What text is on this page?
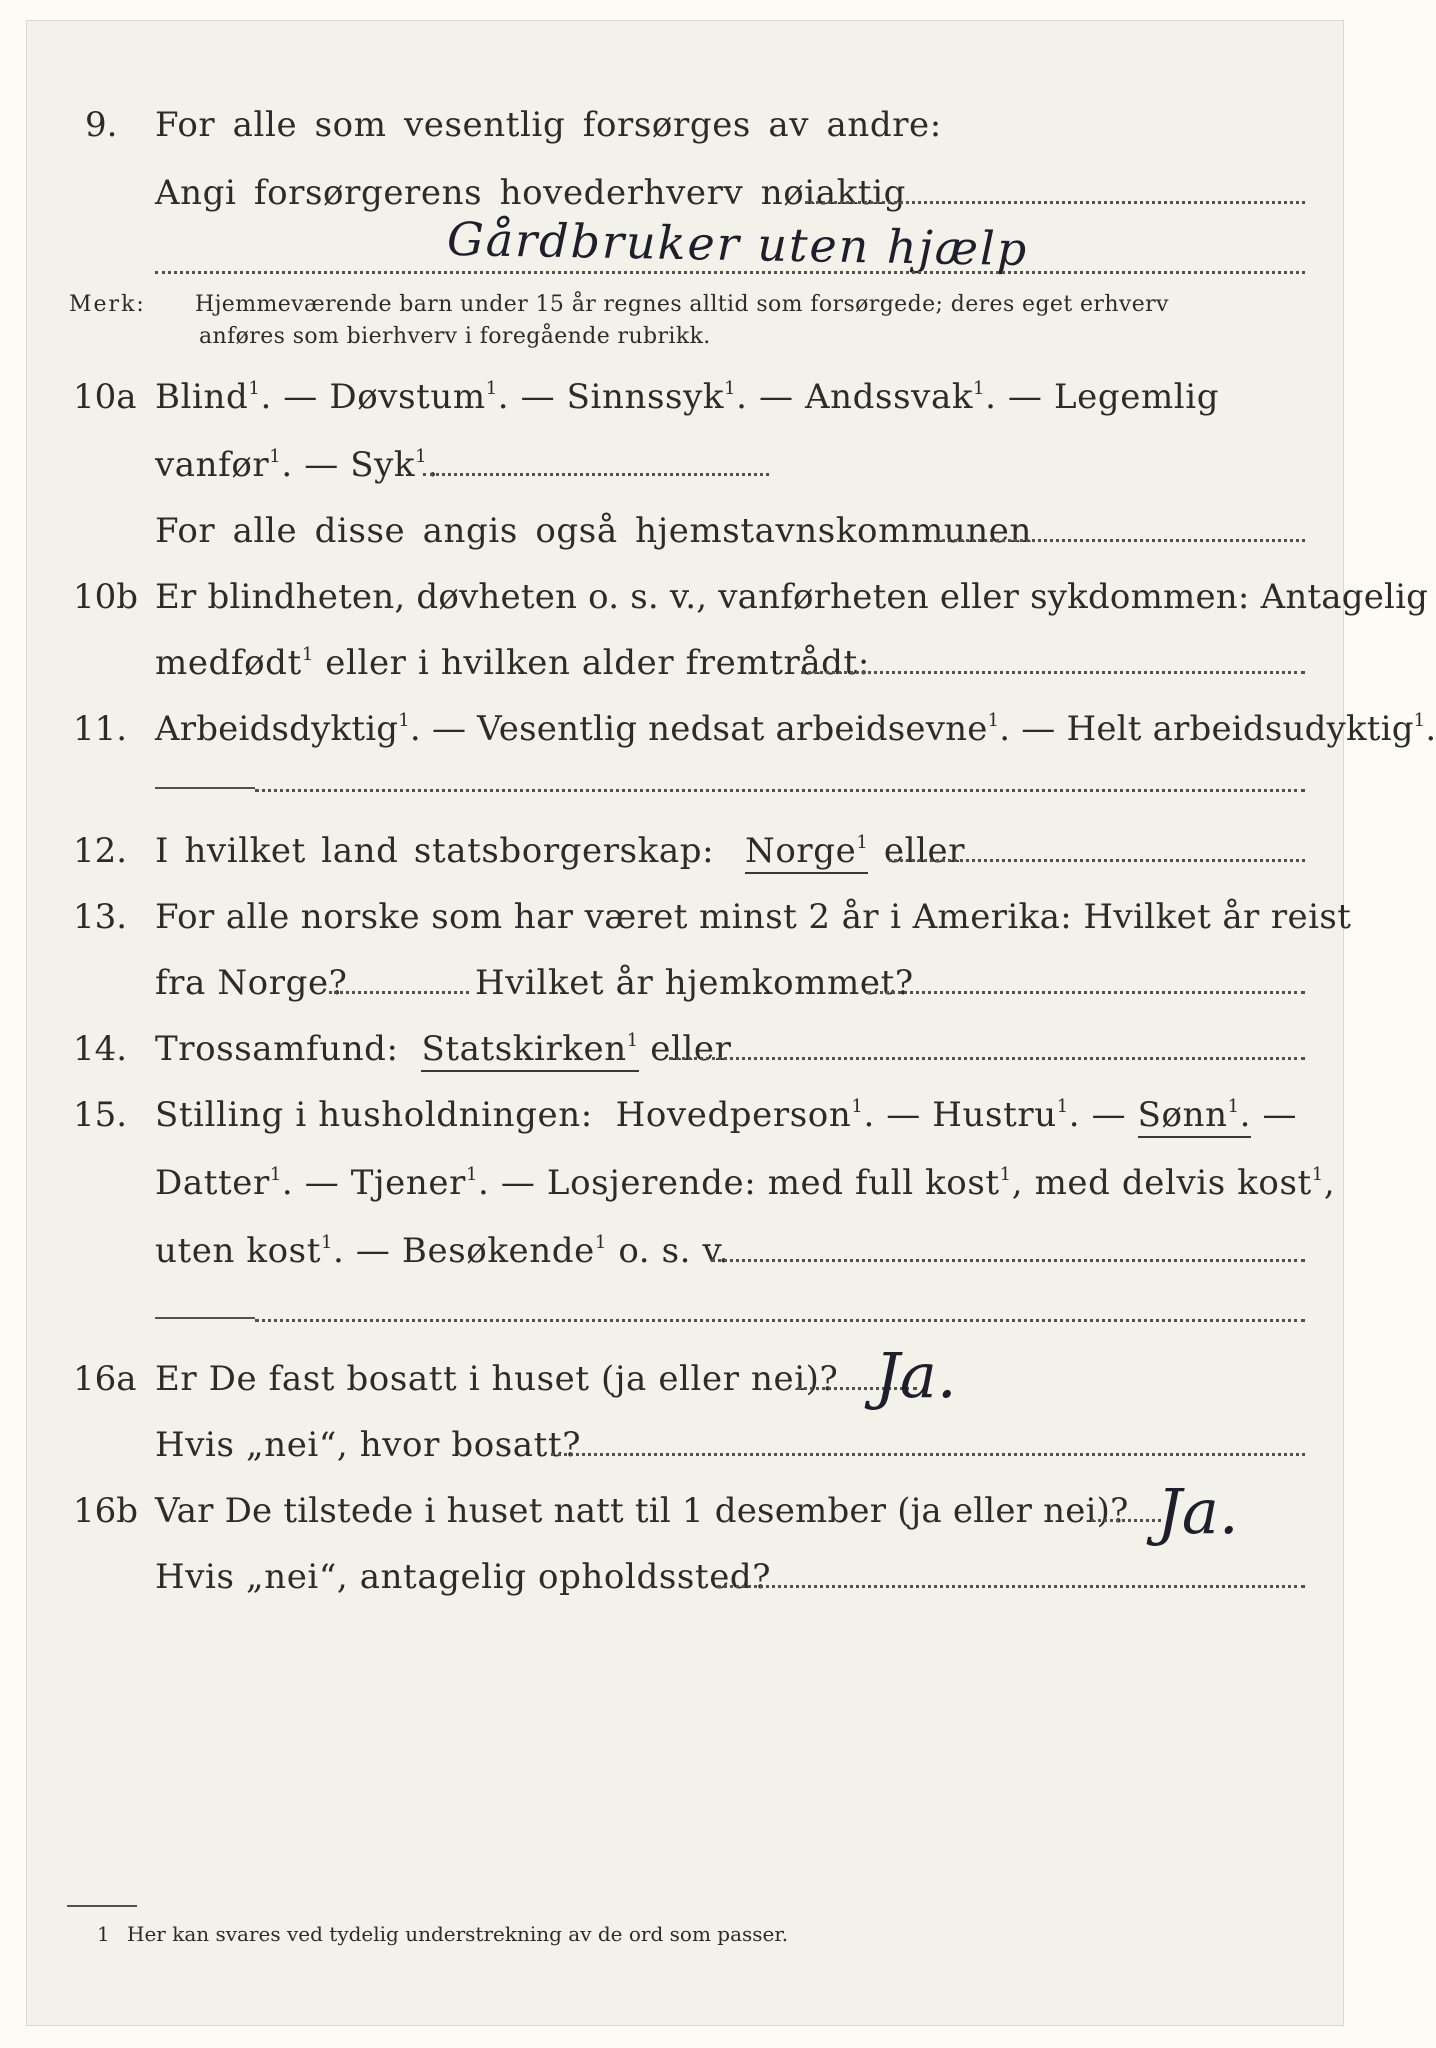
9. For alle som vesentlig forsørges av andre:
Angi forsørgerens hovederhverv nøiaktig
Gårdbruker uten hjælp
Merk: Hjemmeværende barn under 15 år regnes alltid som forsørgede; deres eget erhverv
anføres som bierhverv i foregående rubrikk.
10a Blind$^1$. — Døvstum$^1$. — Sinnssyk$^1$. — Andssvak$^1$. — Legemlig
vanfør$^1$. — Syk$^1$.
For alle disse angis også hjemstavnskommunen
10b Er blindheten, døvheten o. s. v., vanførheten eller sykdommen: Antagelig
medfødt$^1$ eller i hvilken alder fremtrådt:
11. Arbeidsdyktig$^1$. — Vesentlig nedsat arbeidsevne$^1$. — Helt arbeidsudyktig$^1$.
12. I hvilket land statsborgerskap: Norge$^1$ eller
13. For alle norske som har været minst 2 år i Amerika: Hvilket år reist
fra Norge?	Hvilket år hjemkommet?
14. Trossamfund: Statskirken$^1$ eller
15. Stilling i husholdningen: Hovedperson$^1$. — Hustru$^1$. — Sønn$^1$. —
Datter$^1$. — Tjener$^1$. — Losjerende: med full kost$^1$, med delvis kost$^1$,
uten kost$^1$. — Besøkende$^1$ o. s. v.
16a Er De fast bosatt i huset (ja eller nei)? Ja.
Hvis „nei“, hvor bosatt?
16b Var De tilstede i huset natt til 1 desember (ja eller nei)? Ja.
Hvis „nei“, antagelig opholdssted?
1 Her kan svares ved tydelig understrekning av de ord som passer.
